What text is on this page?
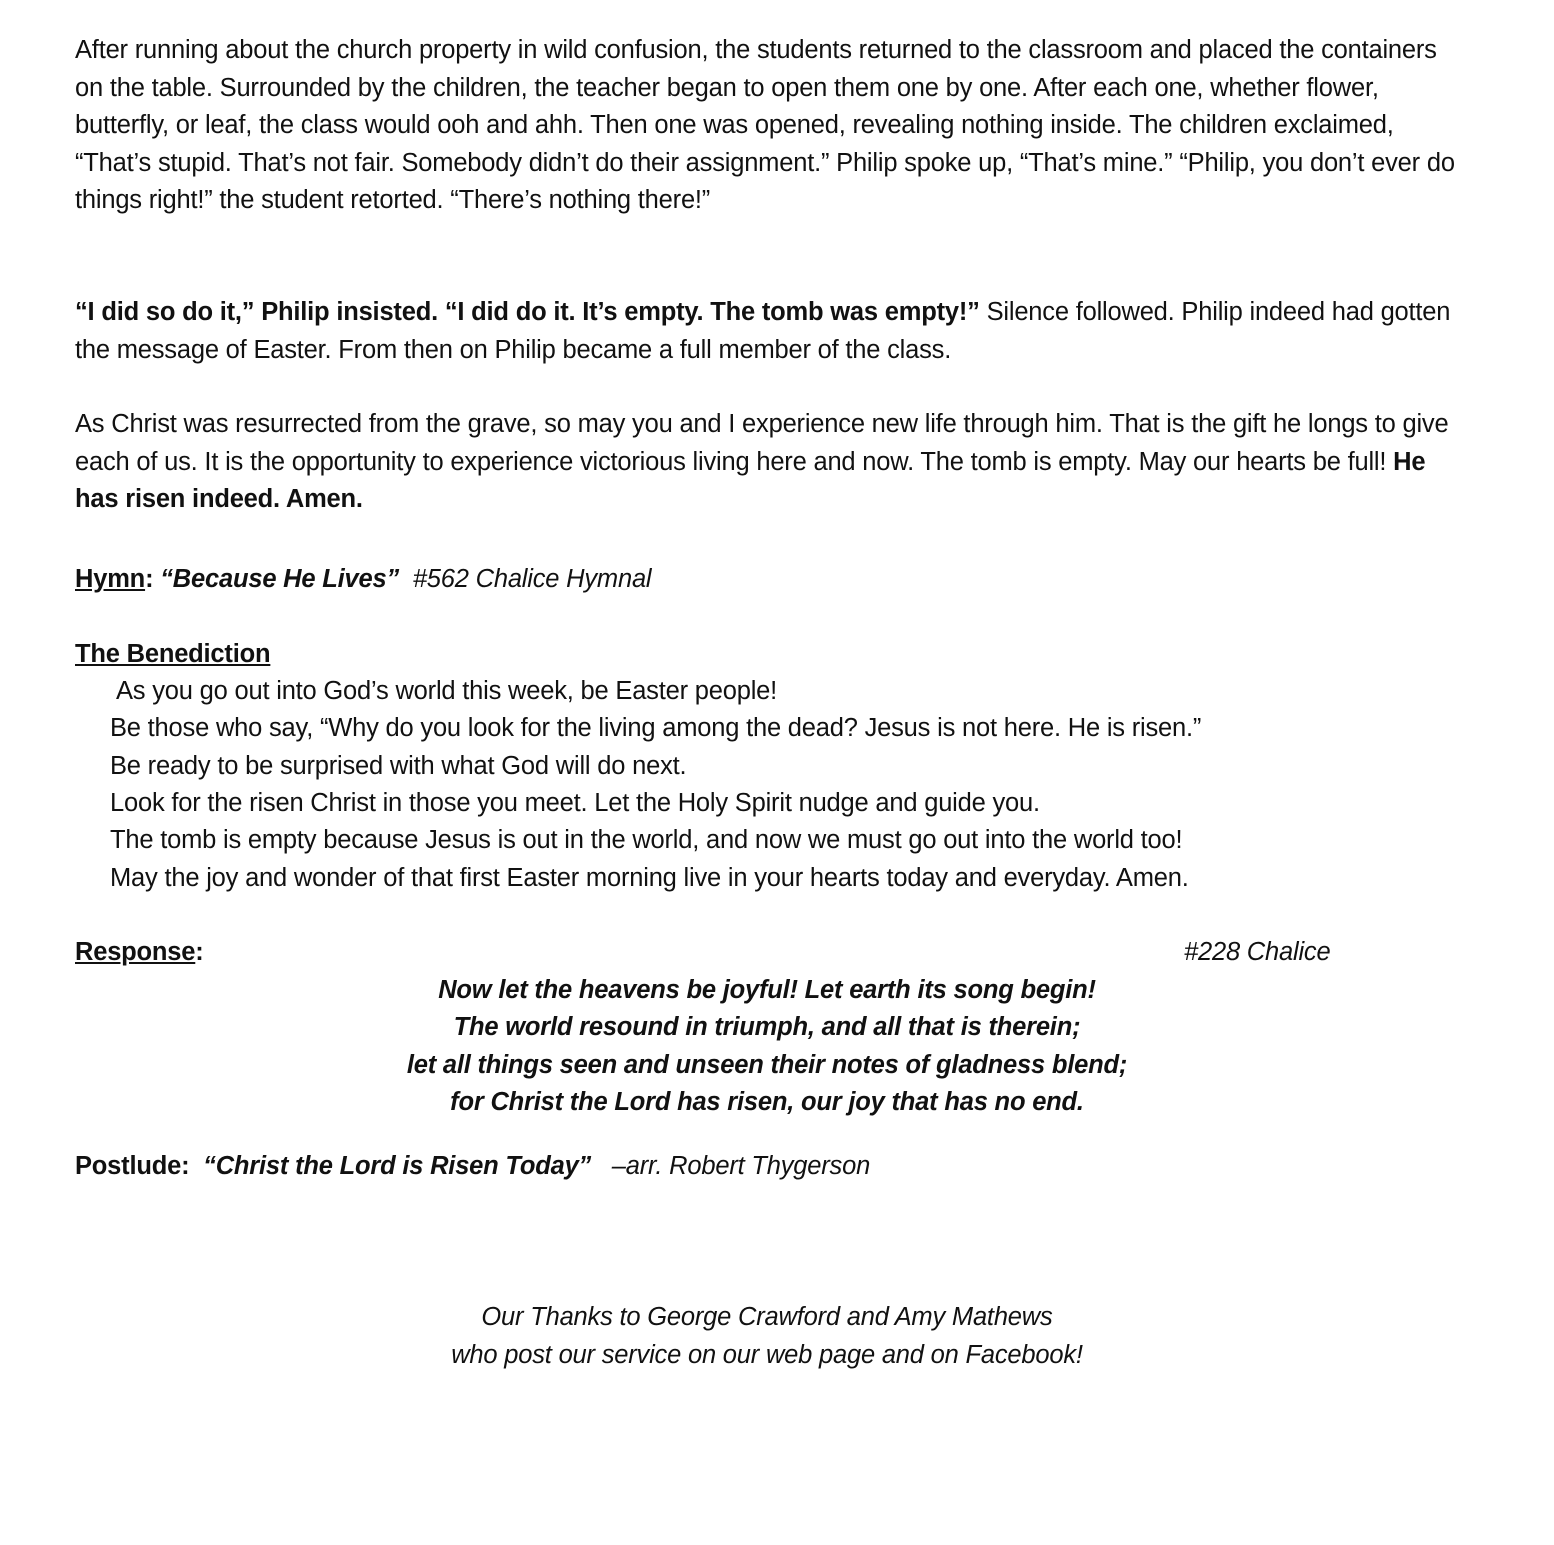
After running about the church property in wild confusion, the students returned to the classroom and placed the containers on the table. Surrounded by the children, the teacher began to open them one by one. After each one, whether flower, butterfly, or leaf, the class would ooh and ahh. Then one was opened, revealing nothing inside. The children exclaimed, “That’s stupid. That’s not fair. Somebody didn’t do their assignment.” Philip spoke up, “That’s mine.” “Philip, you don’t ever do things right!” the student retorted. “There’s nothing there!”

“I did so do it,” Philip insisted. “I did do it. It’s empty. The tomb was empty!” Silence followed. Philip indeed had gotten the message of Easter. From then on Philip became a full member of the class.

As Christ was resurrected from the grave, so may you and I experience new life through him. That is the gift he longs to give each of us. It is the opportunity to experience victorious living here and now. The tomb is empty. May our hearts be full! He has risen indeed. Amen.

Hymn: “Because He Lives” #562 Chalice Hymnal
The Benediction
As you go out into God’s world this week, be Easter people!
Be those who say, “Why do you look for the living among the dead? Jesus is not here. He is risen.”
Be ready to be surprised with what God will do next.
Look for the risen Christ in those you meet. Let the Holy Spirit nudge and guide you.
The tomb is empty because Jesus is out in the world, and now we must go out into the world too!
May the joy and wonder of that first Easter morning live in your hearts today and everyday. Amen.
Response:	#228 Chalice
Now let the heavens be joyful! Let earth its song begin!
The world resound in triumph, and all that is therein;
let all things seen and unseen their notes of gladness blend;
for Christ the Lord has risen, our joy that has no end.
Postlude: “Christ the Lord is Risen Today” –arr. Robert Thygerson
Our Thanks to George Crawford and Amy Mathews
who post our service on our web page and on Facebook!
